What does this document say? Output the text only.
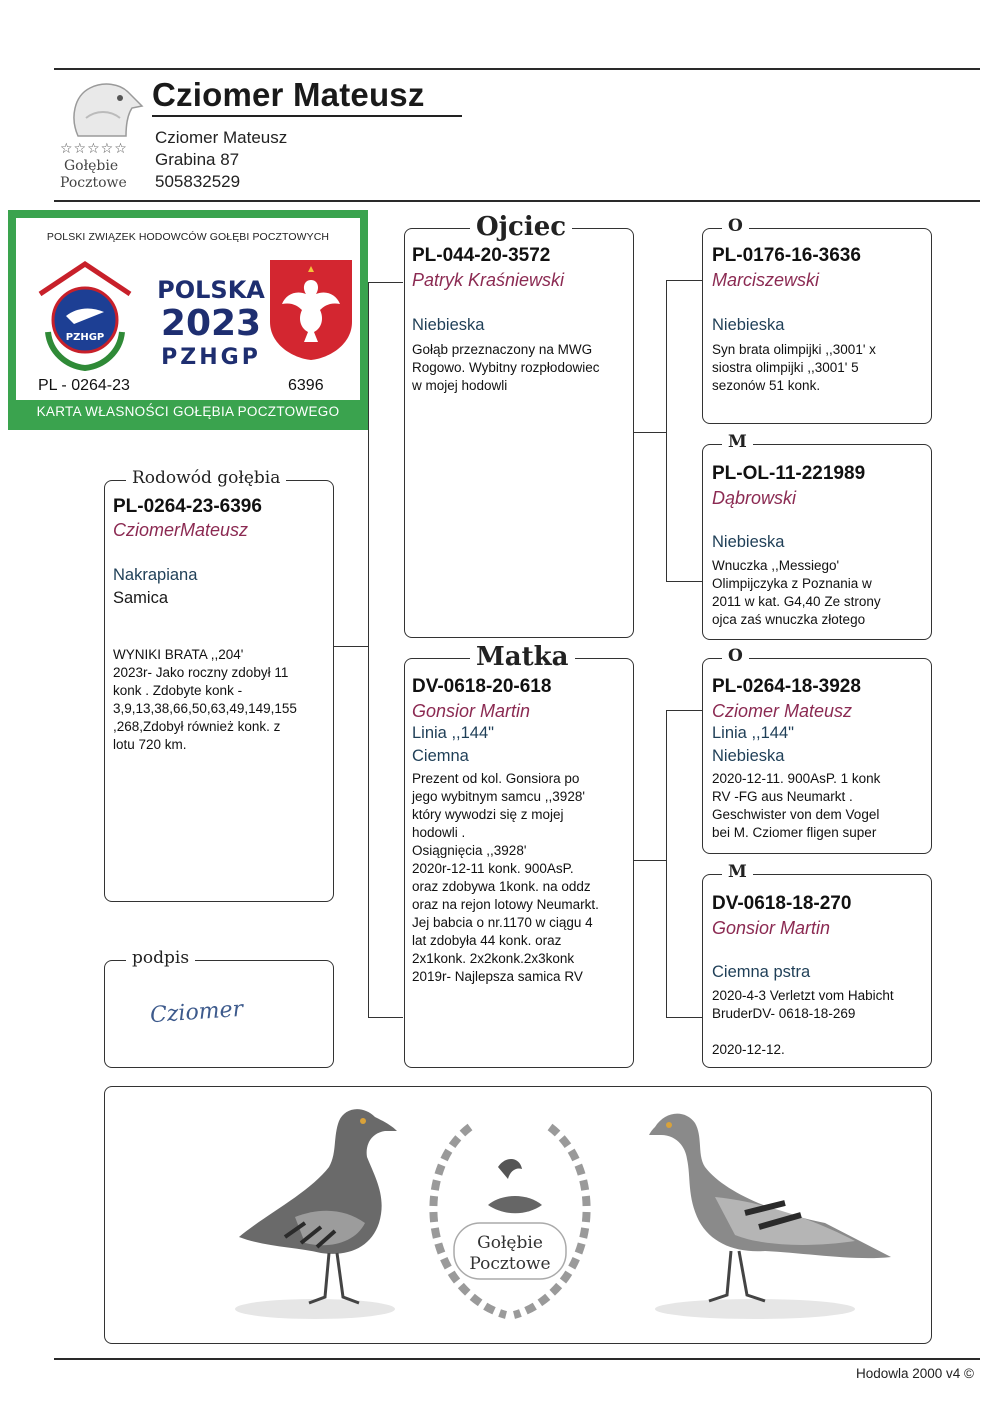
☆☆☆☆☆
Gołębie
Pocztowe
Cziomer Mateusz
Cziomer Mateusz
Grabina 87
505832529
POLSKI ZWIĄZEK HODOWCÓW GOŁĘBI POCZTOWYCH
PZHGP
POLSKA
2023
PZHGP
PL - 0264-23	6396
KARTA WŁASNOŚCI GOŁĘBIA POCZTOWEGO
Rodowód gołębia
PL-0264-23-6396
CziomerMateusz
Nakrapiana
Samica
WYNIKI BRATA ,,204'
2023r- Jako roczny zdobył 11
konk . Zdobyte konk -
3,9,13,38,66,50,63,49,149,155
,268,Zdobył również konk. z
lotu 720 km.
podpis
Cziomer
Ojciec
PL-044-20-3572
Patryk Kraśniewski
Niebieska
Gołąb przeznaczony na MWG
Rogowo. Wybitny rozpłodowiec
w mojej hodowli
Matka
DV-0618-20-618
Gonsior Martin
Linia ,,144"
Ciemna
Prezent od kol. Gonsiora po
jego wybitnym samcu ,,3928'
który wywodzi się z mojej
hodowli .
Osiągnięcia ,,3928'
2020r-12-11 konk. 900AsP.
oraz zdobywa 1konk. na oddz
oraz na rejon lotowy Neumarkt.
Jej babcia o nr.1170 w ciągu 4
lat zdobyła 44 konk. oraz
2x1konk. 2x2konk.2x3konk
2019r- Najlepsza samica RV
O
PL-0176-16-3636
Marciszewski
Niebieska
Syn brata olimpijki ,,3001' x
siostra olimpijki ,,3001' 5
sezonów 51 konk.
M
PL-OL-11-221989
Dąbrowski
Niebieska
Wnuczka ,,Messiego'
Olimpijczyka z Poznania w
2011 w kat. G4,40 Ze strony
ojca zaś wnuczka złotego
O
PL-0264-18-3928
Cziomer Mateusz
Linia ,,144"
Niebieska
2020-12-11. 900AsP. 1 konk
RV -FG aus Neumarkt .
Geschwister von dem Vogel
bei M. Cziomer fligen super
M
DV-0618-18-270
Gonsior Martin
Ciemna pstra
2020-4-3 Verletzt vom Habicht
BruderDV- 0618-18-269
2020-12-12.
Gołębie
Pocztowe
Hodowla 2000 v4 ©
